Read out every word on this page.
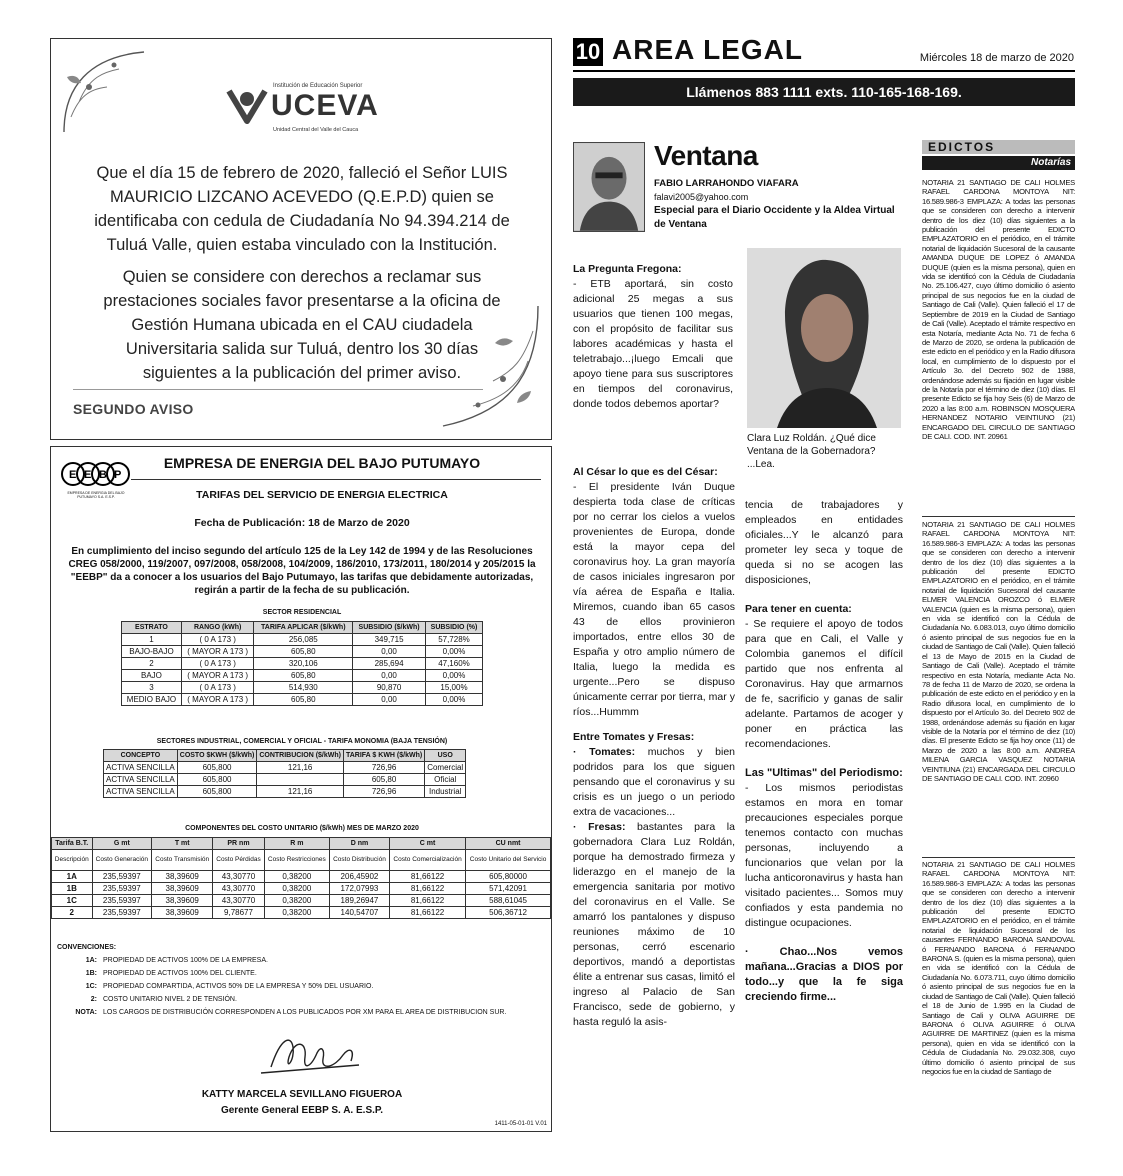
Institución de Educación Superior
UCEVA
Unidad Central del Valle del Cauca
Que el día 15 de febrero de 2020, falleció el Señor LUIS MAURICIO LIZCANO ACEVEDO (Q.E.P.D) quien se identificaba con cedula de Ciudadanía No 94.394.214 de Tuluá Valle, quien estaba vinculado con la Institución.
Quien se considere con derechos a reclamar sus prestaciones sociales favor presentarse a la oficina de Gestión Humana ubicada en el CAU ciudadela Universitaria salida sur Tuluá, dentro los 30 días siguientes a la publicación del primer aviso.
SEGUNDO AVISO
E E B P
EMPRESA DE ENERGIA DEL BAJO PUTUMAYO S.A. E.S.P.
EMPRESA DE ENERGIA DEL BAJO PUTUMAYO
TARIFAS DEL SERVICIO DE ENERGIA ELECTRICA
Fecha de Publicación: 18 de Marzo de 2020
En cumplimiento del inciso segundo del artículo 125 de la Ley 142 de 1994 y de las Resoluciones CREG 058/2000, 119/2007, 097/2008, 058/2008, 104/2009, 186/2010, 173/2011, 180/2014 y 205/2015 la "EEBP" da a conocer a los usuarios del Bajo Putumayo, las tarifas que debidamente autorizadas, regirán a partir de la fecha de su publicación.
SECTOR RESIDENCIAL
ESTRATO	RANGO (kWh)	TARIFA APLICAR ($/kWh)	SUBSIDIO ($/kWh)	SUBSIDIO (%)
1	( 0 A 173 )	256,085	349,715	57,728%
BAJO-BAJO	( MAYOR A 173 )	605,80	0,00	0,00%
2	( 0 A 173 )	320,106	285,694	47,160%
BAJO	( MAYOR A 173 )	605,80	0,00	0,00%
3	( 0 A 173 )	514,930	90,870	15,00%
MEDIO BAJO	( MAYOR A 173 )	605,80	0,00	0,00%
SECTORES INDUSTRIAL, COMERCIAL Y OFICIAL - TARIFA MONOMIA (BAJA TENSIÓN)
CONCEPTO	COSTO $KWH ($/kWh)	CONTRIBUCION ($/kWh)	TARIFA $ KWH ($/kWh)	USO
ACTIVA SENCILLA	605,800	121,16	726,96	Comercial
ACTIVA SENCILLA	605,800		605,80	Oficial
ACTIVA SENCILLA	605,800	121,16	726,96	Industrial
COMPONENTES DEL COSTO UNITARIO ($/kWh) MES DE MARZO 2020
Tarifa B.T.	G mt	T mt	PR nm	R m	D nm	C mt	CU nmt
Descripción	Costo Generación	Costo Transmisión	Costo Pérdidas	Costo Restricciones	Costo Distribución	Costo Comercialización	Costo Unitario del Servicio
1A	235,59397	38,39609	43,30770	0,38200	206,45902	81,66122	605,80000
1B	235,59397	38,39609	43,30770	0,38200	172,07993	81,66122	571,42091
1C	235,59397	38,39609	43,30770	0,38200	189,26947	81,66122	588,61045
2	235,59397	38,39609	9,78677	0,38200	140,54707	81,66122	506,36712
CONVENCIONES:
1A: PROPIEDAD DE ACTIVOS 100% DE LA EMPRESA.
1B: PROPIEDAD DE ACTIVOS 100% DEL CLIENTE.
1C: PROPIEDAD COMPARTIDA, ACTIVOS 50% DE LA EMPRESA Y 50% DEL USUARIO.
2: COSTO UNITARIO NIVEL 2 DE TENSIÓN.
NOTA: LOS CARGOS DE DISTRIBUCIÓN CORRESPONDEN A LOS PUBLICADOS POR XM PARA EL AREA DE DISTRIBUCION SUR.
KATTY MARCELA SEVILLANO FIGUEROA
Gerente General EEBP S. A. E.S.P.
1411-05-01-01 V.01
10 AREA LEGAL	Miércoles 18 de marzo de 2020
Llámenos 883 1111 exts. 110-165-168-169.
Ventana
FABIO LARRAHONDO VIAFARA
falavi2005@yahoo.com
Especial para el Diario Occidente y la Aldea Virtual de Ventana
La Pregunta Fregona:

- ETB aportará, sin costo adicional 25 megas a sus usuarios que tienen 100 megas, con el propósito de facilitar sus labores académicas y hasta el teletrabajo...¡luego Emcali que apoyo tiene para sus suscriptores en tiempos del coronavirus, donde todos debemos aportar?

Clara Luz Roldán. ¿Qué dice Ventana de la Gobernadora? ...Lea.
Al César lo que es del César:

- El presidente Iván Duque despierta toda clase de críticas por no cerrar los cielos a vuelos provenientes de Europa, donde está la mayor cepa del coronavirus hoy. La gran mayoría de casos iniciales ingresaron por vía aérea de España e Italia. Miremos, cuando iban 65 casos 43 de ellos provinieron importados, entre ellos 30 de España y otro amplio número de Italia, luego la medida es urgente...Pero se dispuso únicamente cerrar por tierra, mar y ríos...Hummm

Entre Tomates y Fresas:

· Tomates: muchos y bien podridos para los que siguen pensando que el coronavirus y su crisis es un juego o un periodo extra de vacaciones...
· Fresas: bastantes para la gobernadora Clara Luz Roldán, porque ha demostrado firmeza y liderazgo en el manejo de la emergencia sanitaria por motivo del coronavirus en el Valle. Se amarró los pantalones y dispuso reuniones máximo de 10 personas, cerró escenario deportivos, mandó a deportistas élite a entrenar sus casas, limitó el ingreso al Palacio de San Francisco, sede de gobierno, y hasta reguló la asis-

tencia de trabajadores y empleados en entidades oficiales...Y le alcanzó para prometer ley seca y toque de queda si no se acogen las disposiciones,

Para tener en cuenta:

- Se requiere el apoyo de todos para que en Cali, el Valle y Colombia ganemos el difícil partido que nos enfrenta al Coronavirus. Hay que armarnos de fe, sacrificio y ganas de salir adelante. Partamos de acoger y poner en práctica las recomendaciones.

Las "Ultimas" del Periodismo:

- Los mismos periodistas estamos en mora en tomar precauciones especiales porque tenemos contacto con muchas personas, incluyendo a funcionarios que velan por la lucha anticoronavirus y hasta han visitado pacientes... Somos muy confiados y esta pandemia no distingue ocupaciones.

· Chao...Nos vemos mañana...Gracias a DIOS por todo...y que la fe siga creciendo firme...

EDICTOS
Notarías
NOTARIA 21 SANTIAGO DE CALI HOLMES RAFAEL CARDONA MONTOYA NIT: 16.589.986-3 EMPLAZA: A todas las personas que se consideren con derecho a intervenir dentro de los diez (10) días siguientes a la publicación del presente EDICTO EMPLAZATORIO en el periódico, en el trámite notarial de liquidación Sucesoral de la causante AMANDA DUQUE DE LOPEZ ó AMANDA DUQUE (quien es la misma persona), quien en vida se identificó con la Cédula de Ciudadanía No. 25.106.427, cuyo último domicilio ó asiento principal de sus negocios fue en la ciudad de Santiago de Cali (Valle). Quien falleció el 17 de Septiembre de 2019 en la Ciudad de Santiago de Cali (Valle). Aceptado el trámite respectivo en esta Notaría, mediante Acta No. 71 de fecha 6 de Marzo de 2020, se ordena la publicación de este edicto en el periódico y en la Radio difusora local, en cumplimiento de lo dispuesto por el Artículo 3o. del Decreto 902 de 1988, ordenándose además su fijación en lugar visible de la Notaría por el término de diez (10) días. El presente Edicto se fija hoy Seis (6) de Marzo de 2020 a las 8:00 a.m. ROBINSON MOSQUERA HERNANDEZ NOTARIO VEINTIUNO (21) ENCARGADO DEL CIRCULO DE SANTIAGO DE CALI. COD. INT. 20961
NOTARIA 21 SANTIAGO DE CALI HOLMES RAFAEL CARDONA MONTOYA NIT: 16.589.986-3 EMPLAZA: A todas las personas que se consideren con derecho a intervenir dentro de los diez (10) días siguientes a la publicación del presente EDICTO EMPLAZATORIO en el periódico, en el trámite notarial de liquidación Sucesoral del causante ELMER VALENCIA OROZCO ó ELMER VALENCIA (quien es la misma persona), quien en vida se identificó con la Cédula de Ciudadanía No. 6.083.013, cuyo último domicilio ó asiento principal de sus negocios fue en la ciudad de Santiago de Cali (Valle). Quien falleció el 13 de Mayo de 2015 en la Ciudad de Santiago de Cali (Valle). Aceptado el trámite respectivo en esta Notaría, mediante Acta No. 78 de fecha 11 de Marzo de 2020, se ordena la publicación de este edicto en el periódico y en la Radio difusora local, en cumplimiento de lo dispuesto por el Artículo 3o. del Decreto 902 de 1988, ordenándose además su fijación en lugar visible de la Notaría por el término de diez (10) días. El presente Edicto se fija hoy once (11) de Marzo de 2020 a las 8:00 a.m. ANDREA MILENA GARCIA VASQUEZ NOTARIA VEINTIUNA (21) ENCARGADA DEL CIRCULO DE SANTIAGO DE CALI. COD. INT. 20960
NOTARIA 21 SANTIAGO DE CALI HOLMES RAFAEL CARDONA MONTOYA NIT: 16.589.986-3 EMPLAZA: A todas las personas que se consideren con derecho a intervenir dentro de los diez (10) días siguientes a la publicación del presente EDICTO EMPLAZATORIO en el periódico, en el trámite notarial de liquidación Sucesoral de los causantes FERNANDO BARONA SANDOVAL ó FERNANDO BARONA ó FERNANDO BARONA S. (quien es la misma persona), quien en vida se identificó con la Cédula de Ciudadanía No. 6.073.711, cuyo último domicilio ó asiento principal de sus negocios fue en la ciudad de Santiago de Cali (Valle). Quien falleció el 18 de Junio de 1.995 en la Ciudad de Santiago de Cali y OLIVA AGUIRRE DE BARONA ó OLIVA AGUIRRE ó OLIVA AGUIRRE DE MARTINEZ (quien es la misma persona), quien en vida se identificó con la Cédula de Ciudadanía No. 29.032.308, cuyo último domicilio ó asiento principal de sus negocios fue en la ciudad de Santiago de
